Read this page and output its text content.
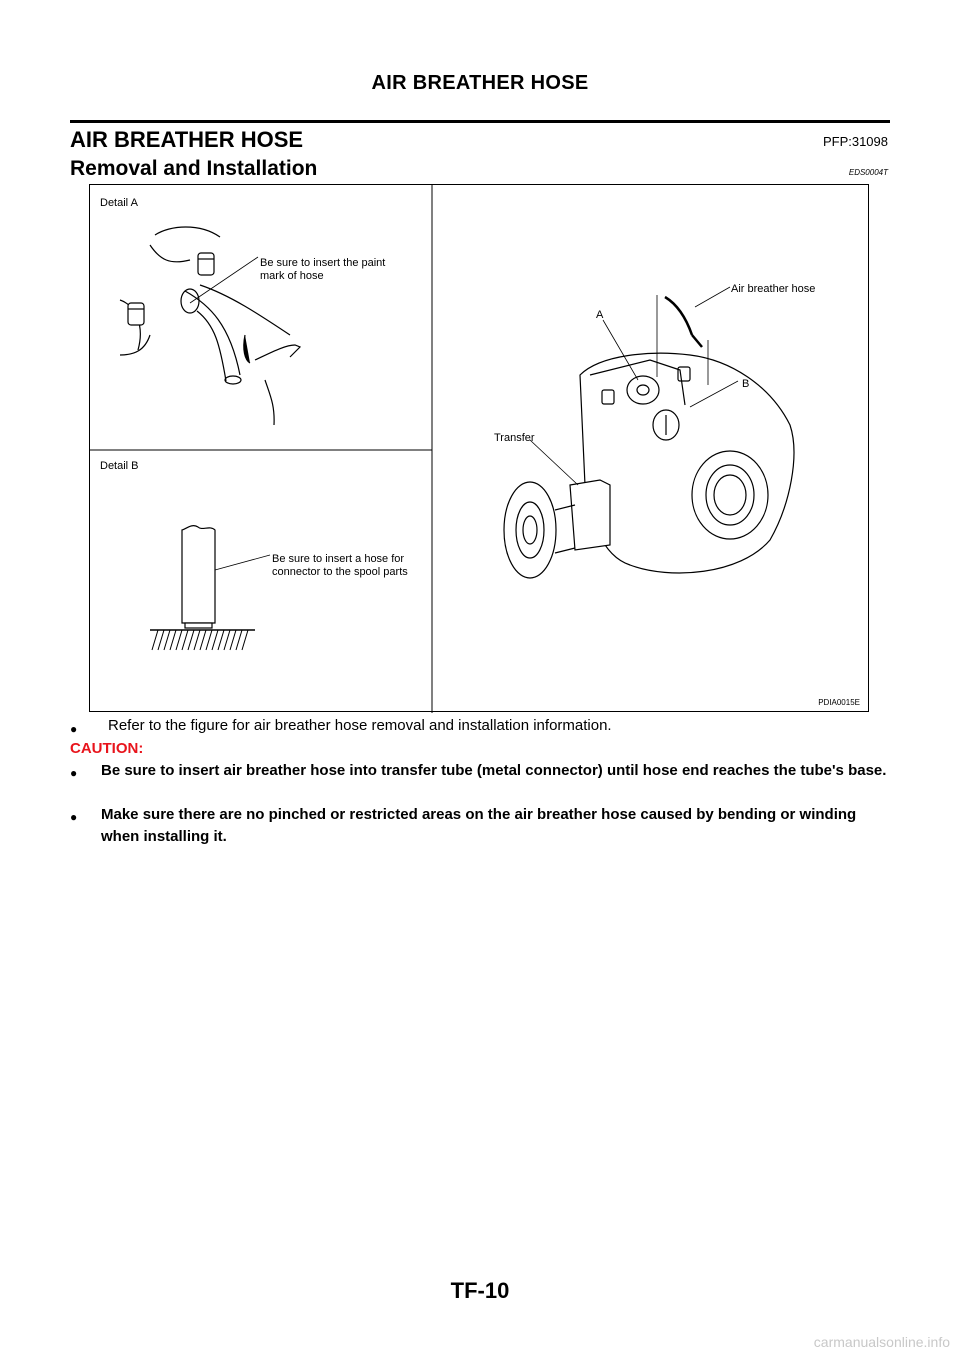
AIR BREATHER HOSE
AIR BREATHER HOSE	PFP:31098
Removal and Installation	EDS0004T
Detail A
Be sure to insert the paint
mark of hose
Detail B
Be sure to insert a hose for
connector to the spool parts
Air breather hose
A
B
Transfer
PDIA0015E
● Refer to the figure for air breather hose removal and installation information.
CAUTION:
● Be sure to insert air breather hose into transfer tube (metal connector) until hose end reaches the tube's base.
● Make sure there are no pinched or restricted areas on the air breather hose caused by bending or winding when installing it.
TF-10
carmanualsonline.info
